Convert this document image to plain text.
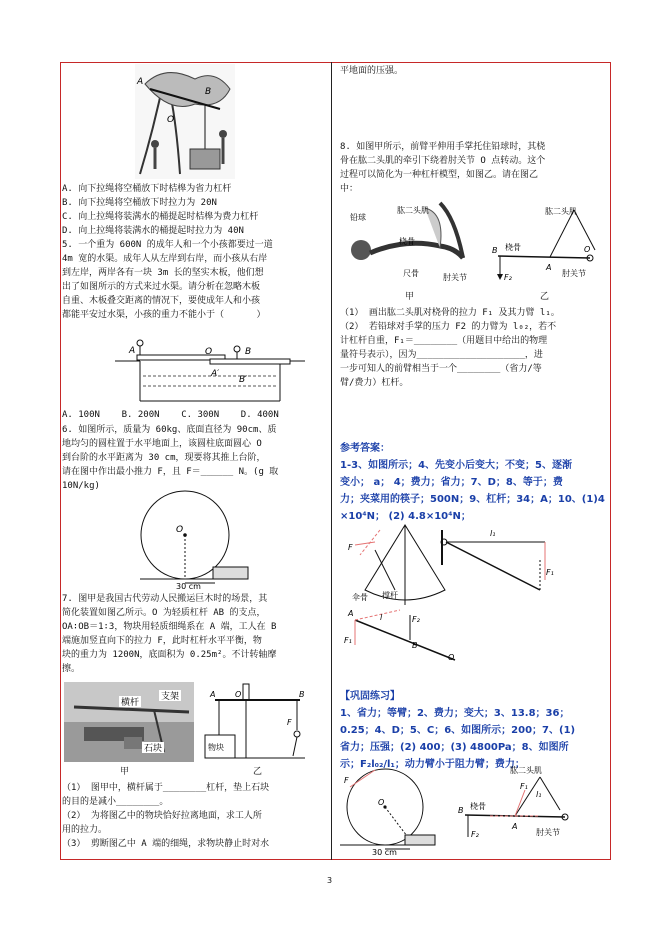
A
B
O
A. 向下拉绳将空桶放下时桔槔为省力杠杆
B. 向下拉绳将空桶放下时拉力为 20N
C. 向上拉绳将装满水的桶提起时桔槔为费力杠杆
D. 向上拉绳将装满水的桶提起时拉力为 40N
5. 一个重为 600N 的成年人和一个小孩都要过一道
4m 宽的水渠。成年人从左岸到右岸，而小孩从右岸
到左岸，两岸各有一块 3m 长的坚实木板，他们想
出了如图所示的方式来过水渠。请分析在忽略木板
自重、木板叠交距离的情况下，要使成年人和小孩
都能平安过水渠，小孩的重力不能小于（      ）
A	B
O
A′
B′
A. 100N    B. 200N    C. 300N    D. 400N
6. 如图所示，质量为 60kg、底面直径为 90cm、质
地均匀的圆柱置于水平地面上，该圆柱底面圆心 O
到台阶的水平距离为 30 cm，现要将其推上台阶，
请在图中作出最小推力 F，且 F＝______ N。(g 取
10N/kg)
O
30 cm
7. 图甲是我国古代劳动人民搬运巨木时的场景，其
简化装置如图乙所示。O 为轻质杠杆 AB 的支点，
OA∶OB＝1∶3，物块用轻质细绳系在 A 端，工人在 B
端施加竖直向下的拉力 F，此时杠杆水平平衡，物
块的重力为 1200N，底面积为 0.25m²。不计转轴摩
擦。
横杆
支架
石块
甲
A O	B
F
物块
乙
（1） 图甲中，横杆属于________杠杆，垫上石块
的目的是减小________。
（2） 为将图乙中的物块恰好拉离地面，求工人所
用的拉力。
（3） 剪断图乙中 A 端的细绳，求物块静止时对水
平地面的压强。
8. 如图甲所示，前臂平伸用手掌托住铅球时，其桡
骨在肱二头肌的牵引下绕着肘关节 O 点转动。这个
过程可以简化为一种杠杆模型，如图乙。请在图乙
中：
铅球
肱二头肌
桡骨
尺骨	肘关节
甲
肱二头肌
桡骨
B
A
O
F₂	肘关节
乙
（1） 画出肱二头肌对桡骨的拉力 F₁ 及其力臂 l₁。
（2） 若铅球对手掌的压力 F2 的力臂为 l₀₂，若不
计杠杆自重，F₁＝________（用题目中给出的物理
量符号表示），因为____________________，进
一步可知人的前臂相当于一个________（省力/等
臂/费力）杠杆。
参考答案：
1-3、如图所示；4、先变小后变大；不变；5、逐渐
变小； a； 4；费力；省力；7、D；8、等于；费
力；夹菜用的筷子；500N；9、杠杆；34；A；10、(1)4
×10⁴N； (2) 4.8×10⁴N；
F
伞骨 撑杆
l₁
F₁
A
F₁
l	F₂
B
O
【巩固练习】
1、省力；等臂；2、费力；变大；3、13.8；36；
0.25；4、D；5、C；6、如图所示；200；7、(1)
省力；压强；(2) 400；(3) 4800Pa；8、如图所
示；F₂l₀₂/l₁；动力臂小于阻力臂；费力；
O
F
30 cm
肱二头肌
桡骨
B
A
F₁
l₁
F₂	肘关节
3
